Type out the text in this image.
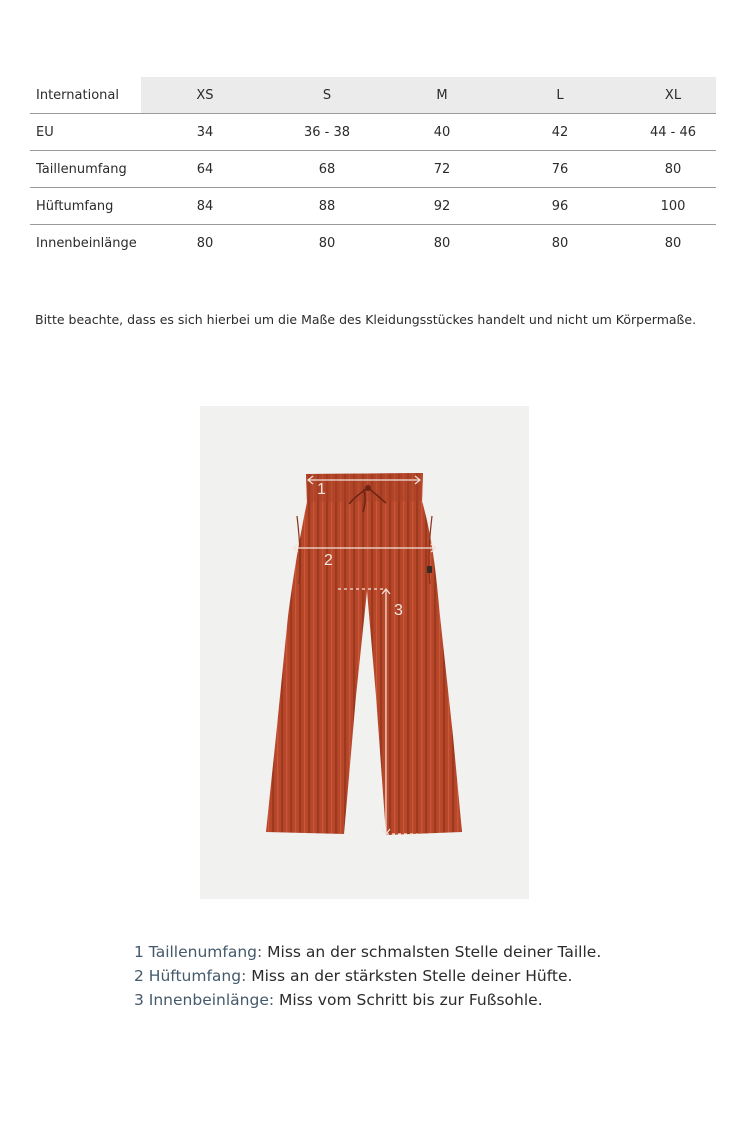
International	XS	S	M	L	XL
EU	34	36 - 38	40	42	44 - 46
Taillenumfang	64	68	72	76	80
Hüftumfang	84	88	92	96	100
Innenbeinlänge	80	80	80	80	80
Bitte beachte, dass es sich hierbei um die Maße des Kleidungsstückes handelt und nicht um Körpermaße.
1
2
3
1 Taillenumfang: Miss an der schmalsten Stelle deiner Taille.
2 Hüftumfang: Miss an der stärksten Stelle deiner Hüfte.
3 Innenbeinlänge: Miss vom Schritt bis zur Fußsohle.
